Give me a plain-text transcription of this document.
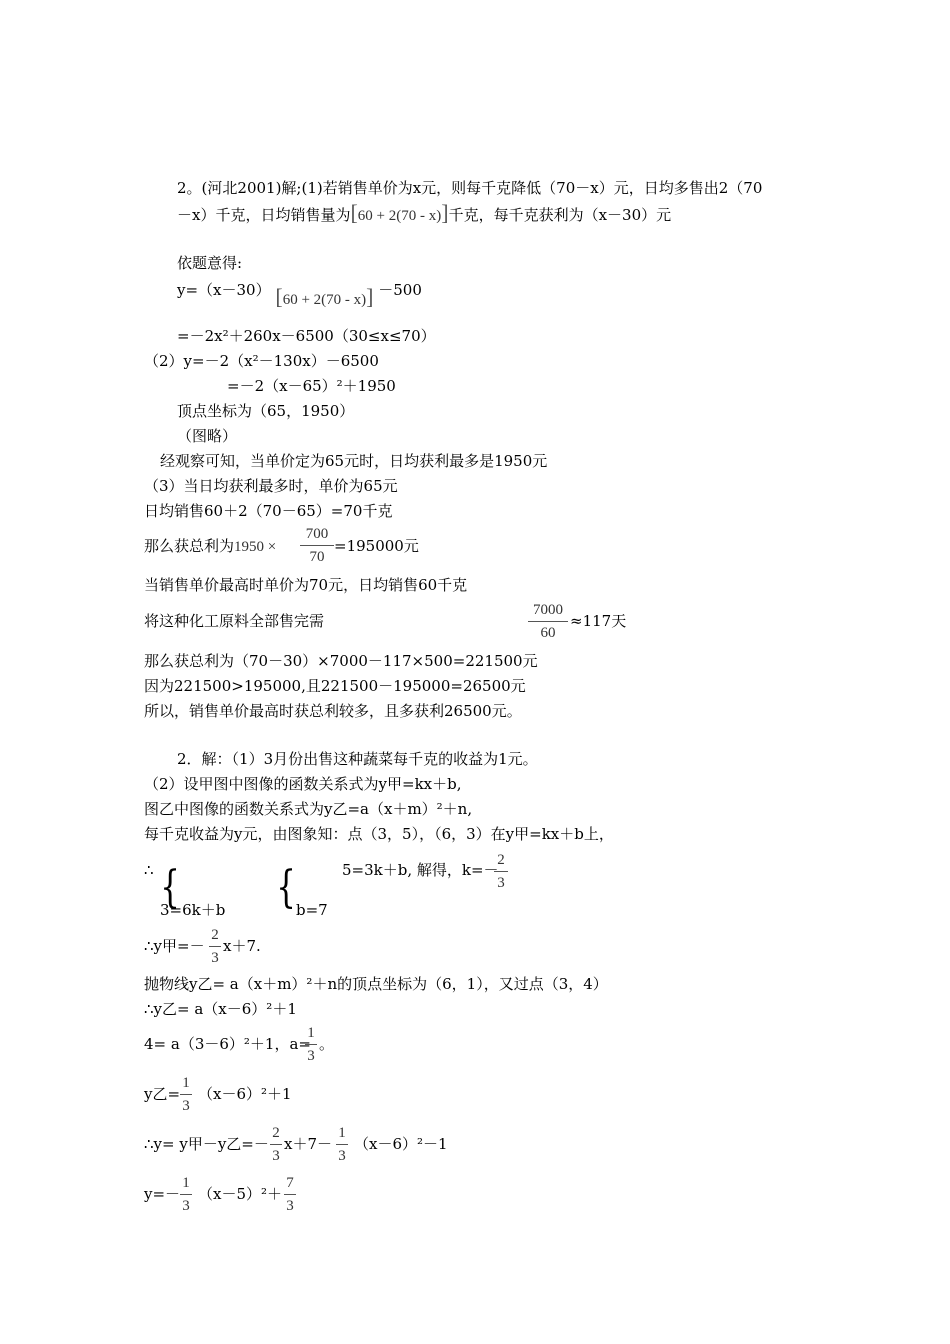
2。(河北2001)解;(1)若销售单价为x元，则每千克降低（70－x）元，日均多售出2（70
－x）千克，日均销售量为[60 + 2(70 - x)]千克，每千克获利为（x－30）元
依题意得:
y=（x－30） [60 + 2(70 - x)] －500
=－2x²＋260x－6500（30≤x≤70）
（2）y=－2（x²－130x）－6500
=－2（x－65）²＋1950
顶点坐标为（65，1950）
（图略）
经观察可知，当单价定为65元时，日均获利最多是1950元
（3）当日均获利最多时，单价为65元
日均销售60＋2（70－65）=70千克
那么获总利为1950 ×
700
70
=195000元
当销售单价最高时单价为70元，日均销售60千克
将这种化工原料全部售完需
7000
60
≈117天
那么获总利为（70－30）×7000－117×500=221500元
因为221500>195000,且221500－195000=26500元
所以，销售单价最高时获总利较多，且多获利26500元。
2．解：（1）3月份出售这种蔬菜每千克的收益为1元。
（2）设甲图中图像的函数关系式为y甲=kx＋b,
图乙中图像的函数关系式为y乙=a（x＋m）²＋n,
每千克收益为y元，由图象知：点（3，5），（6，3）在y甲=kx＋b上，
∴ { {	5=3k＋b, 解得，k=－
2
3
3=6k＋b	b=7
∴y甲=－
2
3
x＋7.
抛物线y乙= a（x＋m）²＋n的顶点坐标为（6，1），又过点（3，4）
∴y乙= a（x－6）²＋1
4= a（3－6）²＋1，a=
1
3
。
y乙=
1
3
（x－6）²＋1
∴y= y甲－y乙=－
2
3
x＋7－
1
3
（x－6）²－1
y=－
1
3
（x－5）²＋
7
3
